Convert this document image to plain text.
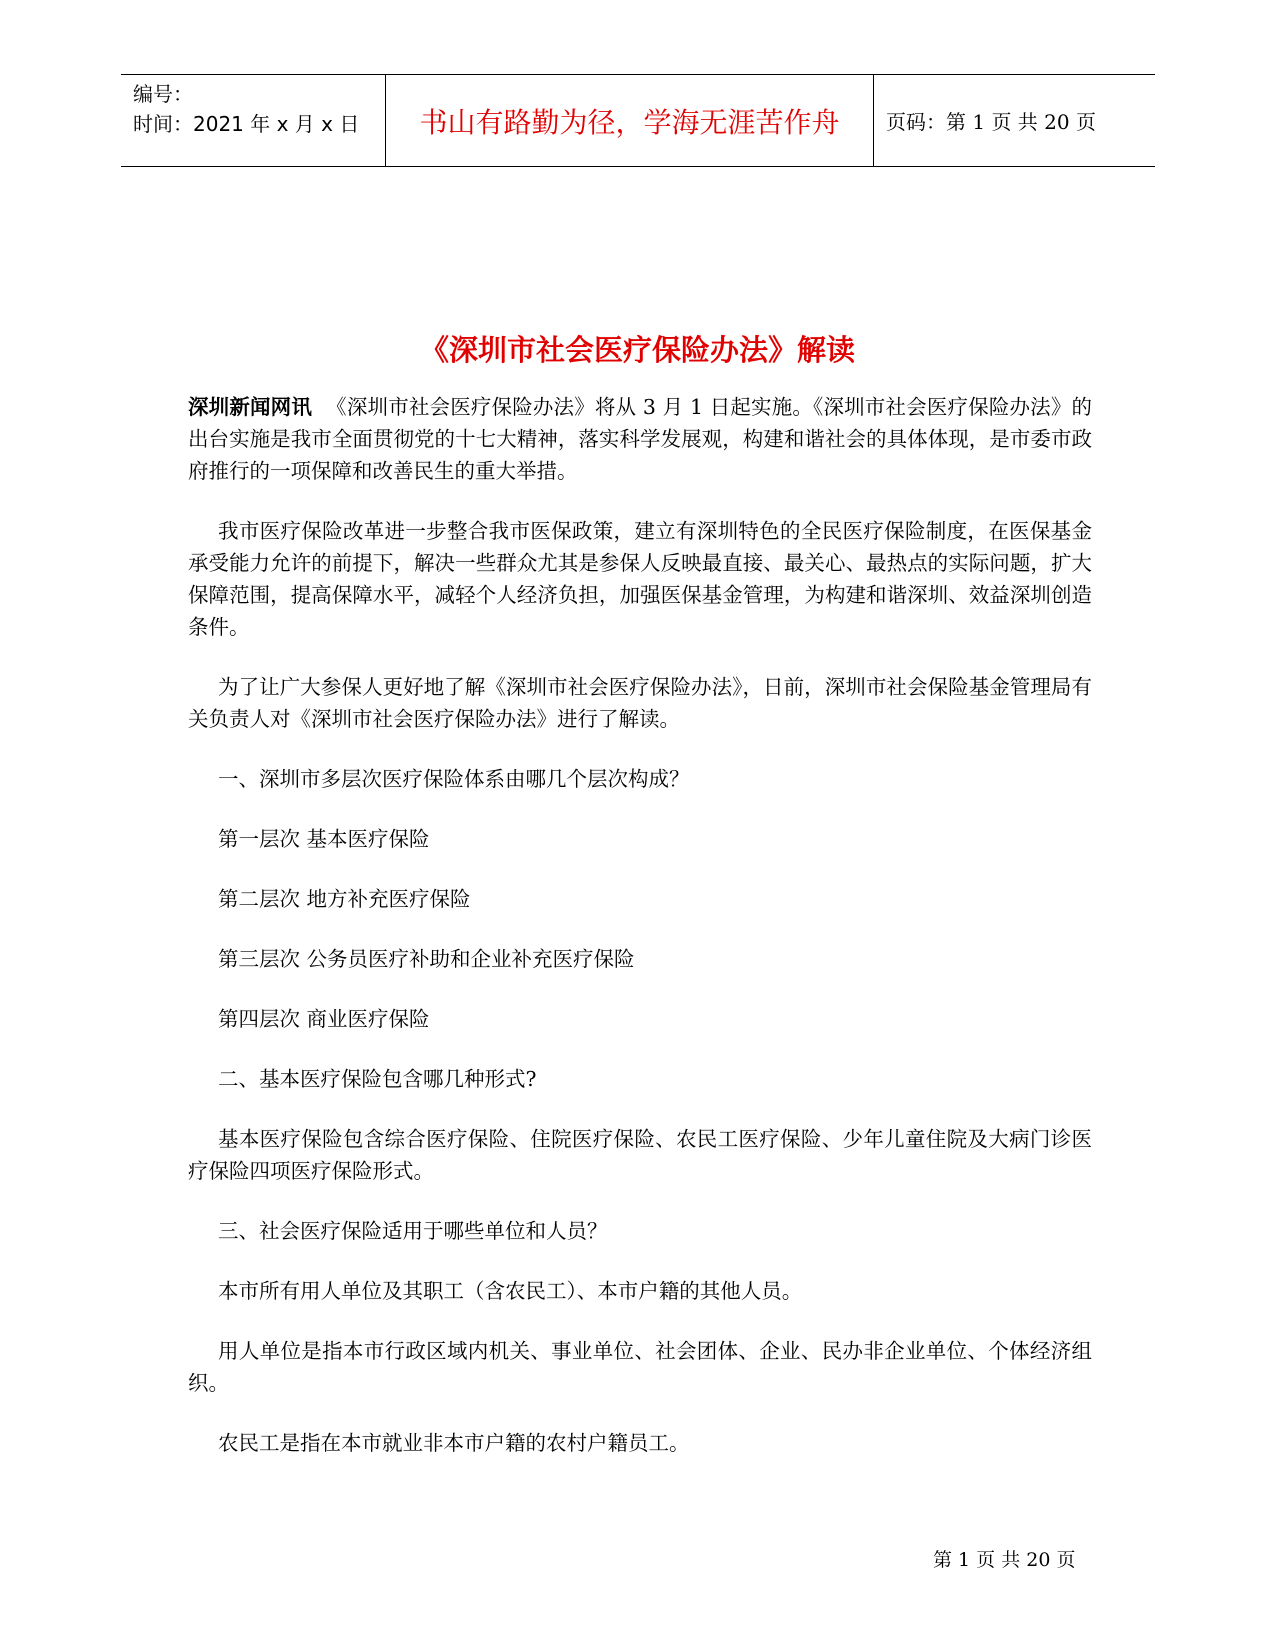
编号：
时间：2021 年 x 月 x 日	书山有路勤为径，学海无涯苦作舟 页码：第 1 页 共 20 页
《深圳市社会医疗保险办法》解读

深圳新闻网讯 《深圳市社会医疗保险办法》将从 3 月 1 日起实施。《深圳市社会医疗保险办法》的出台实施是我市全面贯彻党的十七大精神，落实科学发展观，构建和谐社会的具体体现，是市委市政府推行的一项保障和改善民生的重大举措。

我市医疗保险改革进一步整合我市医保政策，建立有深圳特色的全民医疗保险制度，在医保基金承受能力允许的前提下，解决一些群众尤其是参保人反映最直接、最关心、最热点的实际问题，扩大保障范围，提高保障水平，减轻个人经济负担，加强医保基金管理，为构建和谐深圳、效益深圳创造条件。

为了让广大参保人更好地了解《深圳市社会医疗保险办法》，日前，深圳市社会保险基金管理局有关负责人对《深圳市社会医疗保险办法》进行了解读。

一、深圳市多层次医疗保险体系由哪几个层次构成？

第一层次 基本医疗保险

第二层次 地方补充医疗保险

第三层次 公务员医疗补助和企业补充医疗保险

第四层次 商业医疗保险

二、基本医疗保险包含哪几种形式?

基本医疗保险包含综合医疗保险、住院医疗保险、农民工医疗保险、少年儿童住院及大病门诊医疗保险四项医疗保险形式。

三、社会医疗保险适用于哪些单位和人员？

本市所有用人单位及其职工（含农民工）、本市户籍的其他人员。

用人单位是指本市行政区域内机关、事业单位、社会团体、企业、民办非企业单位、个体经济组织。

农民工是指在本市就业非本市户籍的农村户籍员工。

第 1 页 共 20 页
